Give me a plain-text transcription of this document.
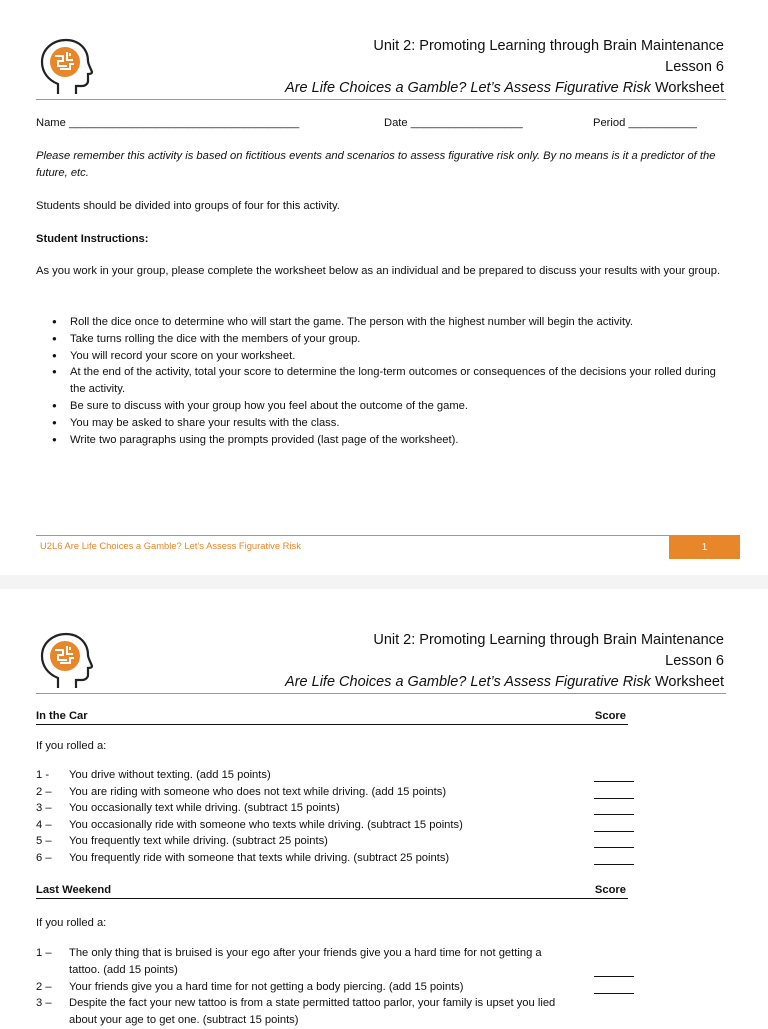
Unit 2: Promoting Learning through Brain Maintenance
Lesson 6
Are Life Choices a Gamble? Let’s Assess Figurative Risk Worksheet
Name _____________________________________	Date __________________	Period ___________
Please remember this activity is based on fictitious events and scenarios to assess figurative risk only. By no means is it a predictor of the future, etc.
Students should be divided into groups of four for this activity.
Student Instructions:
As you work in your group, please complete the worksheet below as an individual and be prepared to discuss your results with your group.
● Roll the dice once to determine who will start the game. The person with the highest number will begin the activity.
● Take turns rolling the dice with the members of your group.
● You will record your score on your worksheet.
● At the end of the activity, total your score to determine the long-term outcomes or consequences of the decisions your rolled during the activity.
● Be sure to discuss with your group how you feel about the outcome of the game.
● You may be asked to share your results with the class.
● Write two paragraphs using the prompts provided (last page of the worksheet).
U2L6 Are Life Choices a Gamble? Let’s Assess Figurative Risk	1
Unit 2: Promoting Learning through Brain Maintenance
Lesson 6
Are Life Choices a Gamble? Let’s Assess Figurative Risk Worksheet
In the Car	Score
If you rolled a:
1 - You drive without texting. (add 15 points)
2 – You are riding with someone who does not text while driving. (add 15 points)
3 – You occasionally text while driving. (subtract 15 points)
4 – You occasionally ride with someone who texts while driving. (subtract 15 points)
5 – You frequently text while driving. (subtract 25 points)
6 – You frequently ride with someone that texts while driving. (subtract 25 points)
Last Weekend	Score
If you rolled a:
1 – The only thing that is bruised is your ego after your friends give you a hard time for not getting a tattoo. (add 15 points)
2 – Your friends give you a hard time for not getting a body piercing. (add 15 points)
3 – Despite the fact your new tattoo is from a state permitted tattoo parlor, your family is upset you lied about your age to get one. (subtract 15 points)
